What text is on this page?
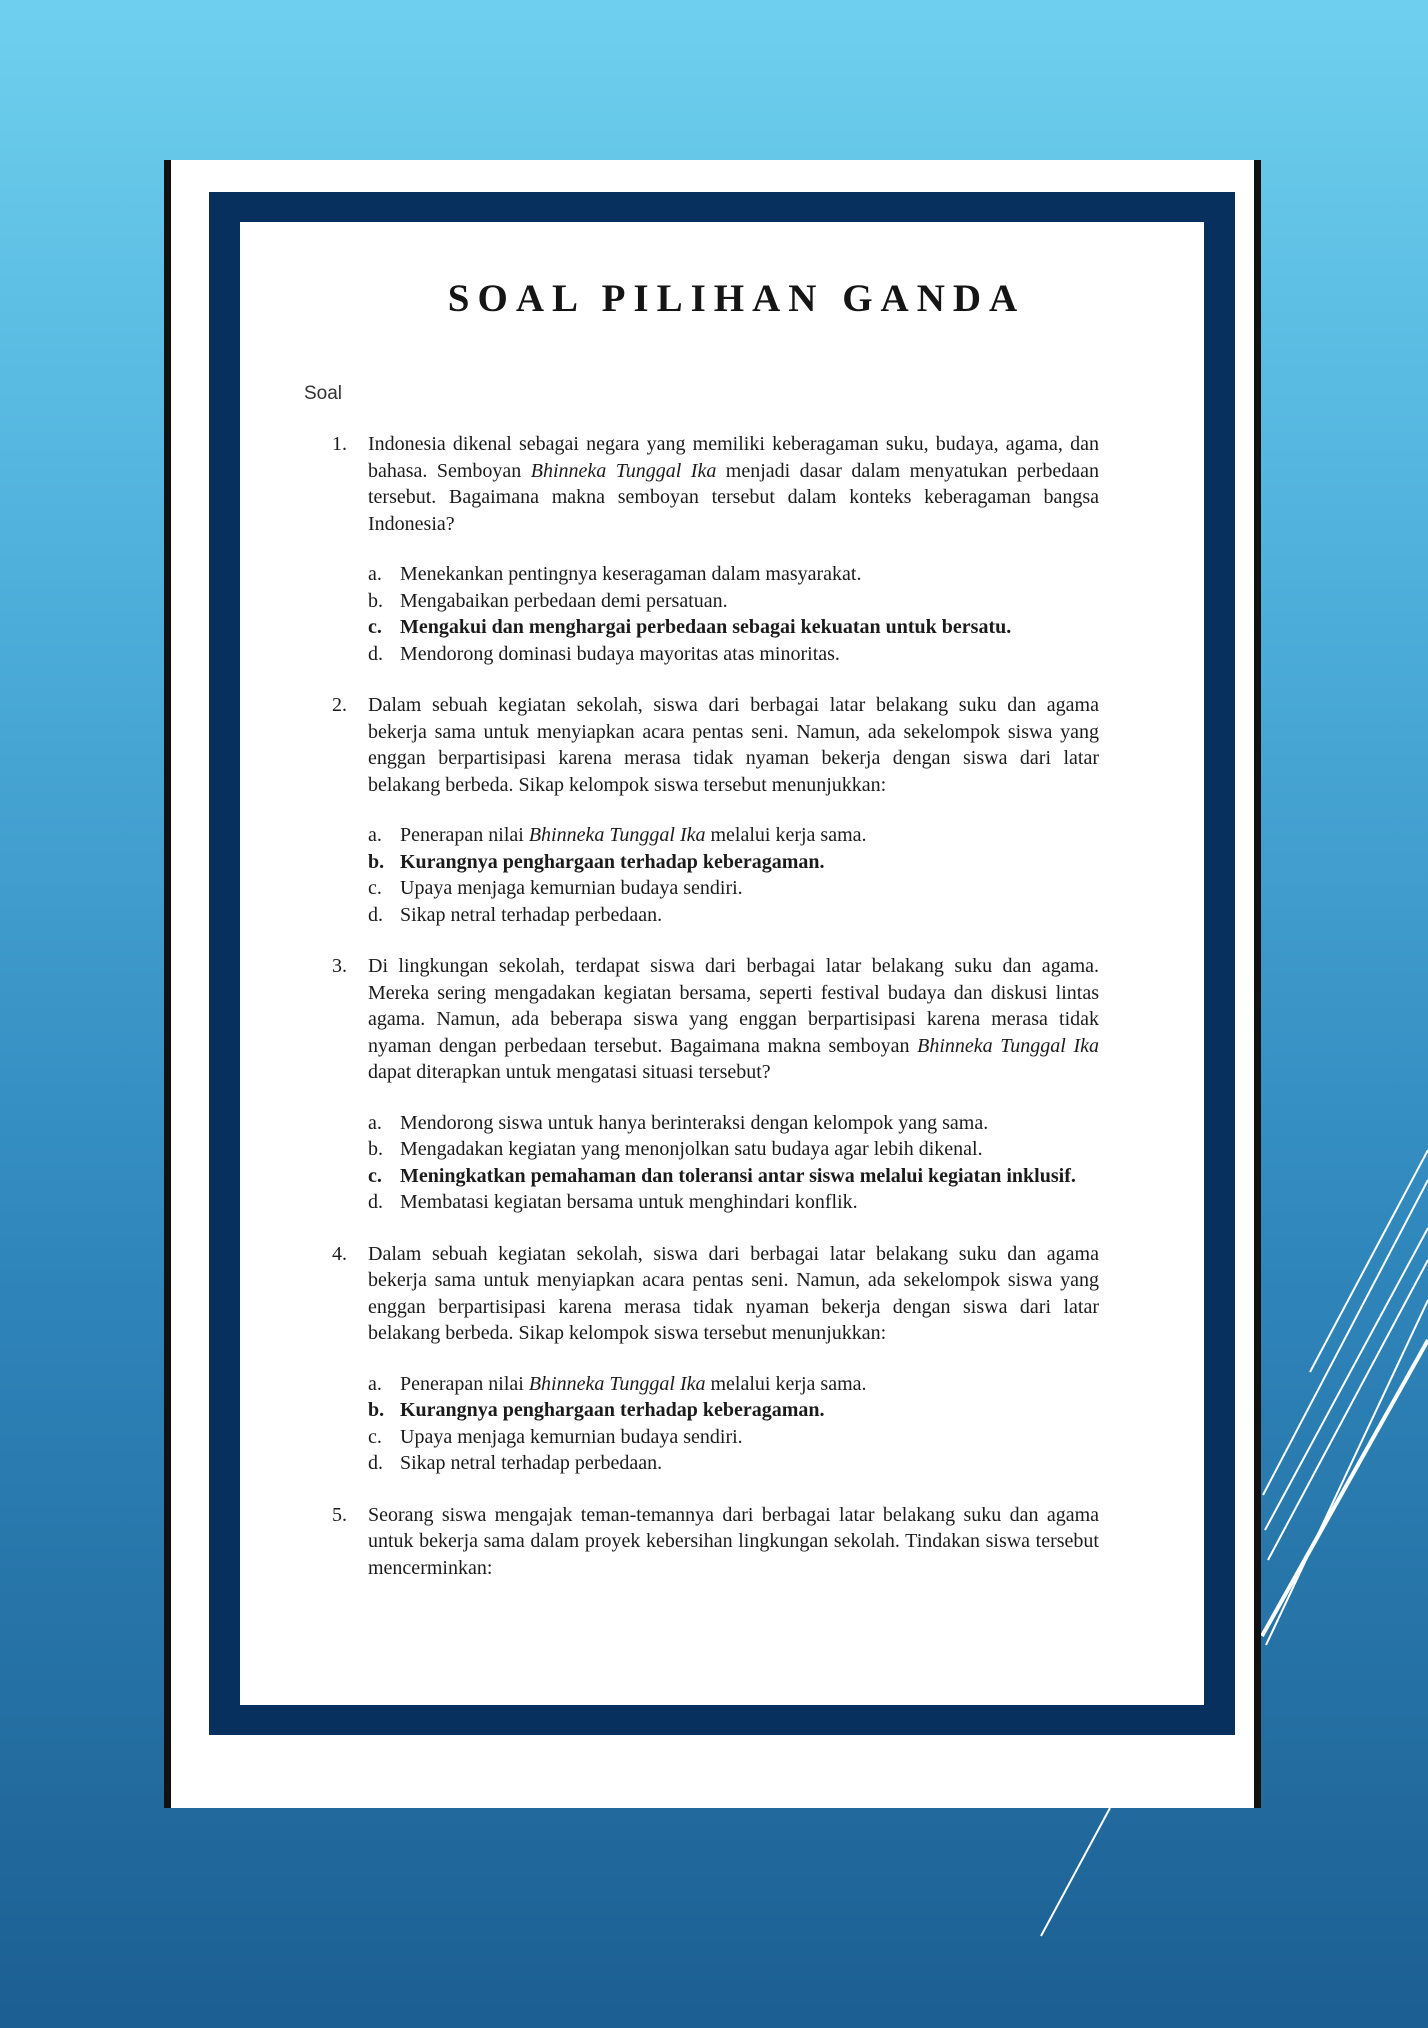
SOAL PILIHAN GANDA
Soal
1.	Indonesia dikenal sebagai negara yang memiliki keberagaman suku, budaya, agama, dan bahasa. Semboyan Bhinneka Tunggal Ika menjadi dasar dalam menyatukan perbedaan tersebut. Bagaimana makna semboyan tersebut dalam konteks keberagaman bangsa Indonesia?
a. Menekankan pentingnya keseragaman dalam masyarakat.
b. Mengabaikan perbedaan demi persatuan.
c. Mengakui dan menghargai perbedaan sebagai kekuatan untuk bersatu.
d. Mendorong dominasi budaya mayoritas atas minoritas.
2.	Dalam sebuah kegiatan sekolah, siswa dari berbagai latar belakang suku dan agama bekerja sama untuk menyiapkan acara pentas seni. Namun, ada sekelompok siswa yang enggan berpartisipasi karena merasa tidak nyaman bekerja dengan siswa dari latar belakang berbeda. Sikap kelompok siswa tersebut menunjukkan:
a. Penerapan nilai Bhinneka Tunggal Ika melalui kerja sama.
b. Kurangnya penghargaan terhadap keberagaman.
c. Upaya menjaga kemurnian budaya sendiri.
d. Sikap netral terhadap perbedaan.
3.	Di lingkungan sekolah, terdapat siswa dari berbagai latar belakang suku dan agama. Mereka sering mengadakan kegiatan bersama, seperti festival budaya dan diskusi lintas agama. Namun, ada beberapa siswa yang enggan berpartisipasi karena merasa tidak nyaman dengan perbedaan tersebut. Bagaimana makna semboyan Bhinneka Tunggal Ika dapat diterapkan untuk mengatasi situasi tersebut?
a. Mendorong siswa untuk hanya berinteraksi dengan kelompok yang sama.
b. Mengadakan kegiatan yang menonjolkan satu budaya agar lebih dikenal.
c. Meningkatkan pemahaman dan toleransi antar siswa melalui kegiatan inklusif.
d. Membatasi kegiatan bersama untuk menghindari konflik.
4.	Dalam sebuah kegiatan sekolah, siswa dari berbagai latar belakang suku dan agama bekerja sama untuk menyiapkan acara pentas seni. Namun, ada sekelompok siswa yang enggan berpartisipasi karena merasa tidak nyaman bekerja dengan siswa dari latar belakang berbeda. Sikap kelompok siswa tersebut menunjukkan:
a. Penerapan nilai Bhinneka Tunggal Ika melalui kerja sama.
b. Kurangnya penghargaan terhadap keberagaman.
c. Upaya menjaga kemurnian budaya sendiri.
d. Sikap netral terhadap perbedaan.
5.	Seorang siswa mengajak teman-temannya dari berbagai latar belakang suku dan agama untuk bekerja sama dalam proyek kebersihan lingkungan sekolah. Tindakan siswa tersebut mencerminkan:
